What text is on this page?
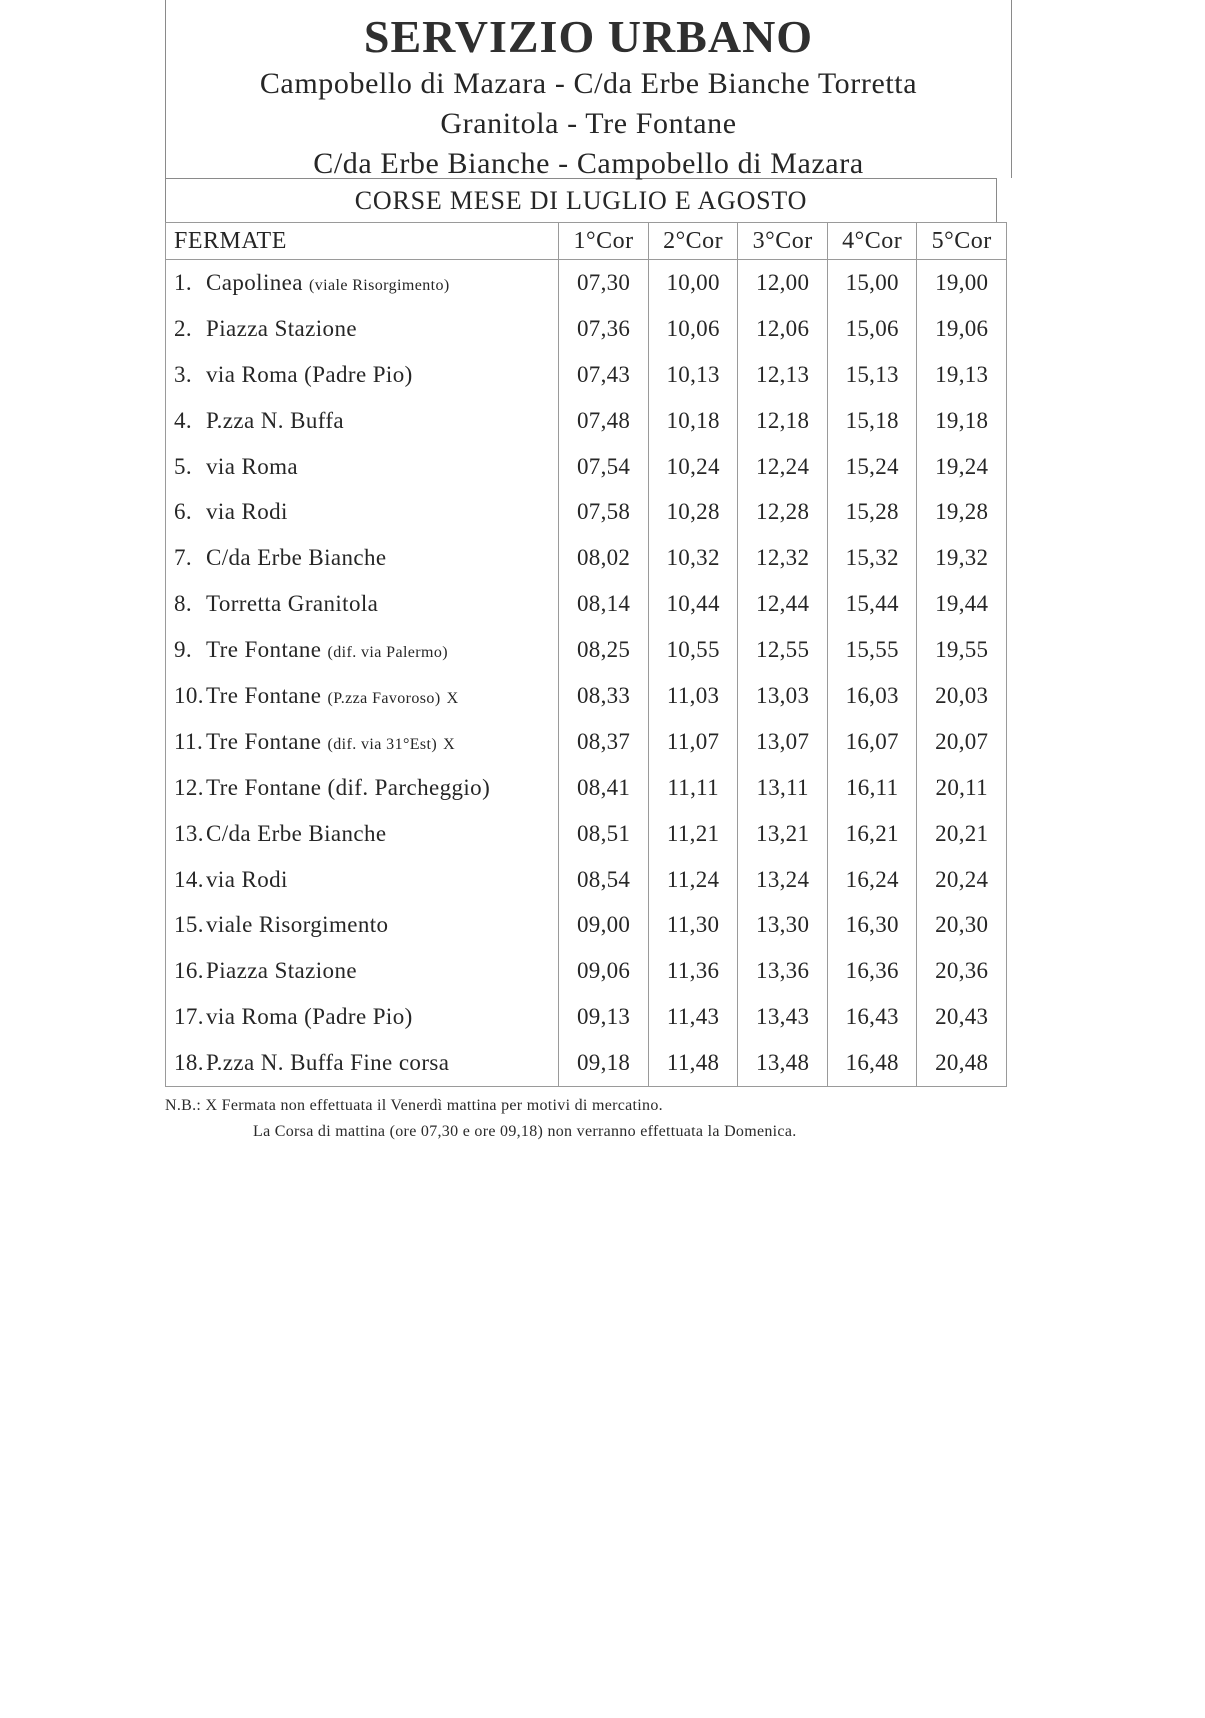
SERVIZIO URBANO

Campobello di Mazara - C/da Erbe Bianche Torretta

Granitola - Tre Fontane

C/da Erbe Bianche - Campobello di Mazara

CORSE MESE DI LUGLIO E AGOSTO
FERMATE	1°Cor	2°Cor	3°Cor	4°Cor	5°Cor
1. Capolinea (viale Risorgimento)	07,30	10,00	12,00	15,00	19,00
2. Piazza Stazione	07,36	10,06	12,06	15,06	19,06
3. via Roma (Padre Pio)	07,43	10,13	12,13	15,13	19,13
4. P.zza N. Buffa	07,48	10,18	12,18	15,18	19,18
5. via Roma	07,54	10,24	12,24	15,24	19,24
6. via Rodi	07,58	10,28	12,28	15,28	19,28
7. C/da Erbe Bianche	08,02	10,32	12,32	15,32	19,32
8. Torretta Granitola	08,14	10,44	12,44	15,44	19,44
9. Tre Fontane (dif. via Palermo)	08,25	10,55	12,55	15,55	19,55
10.Tre Fontane (P.zza Favoroso) X	08,33	11,03	13,03	16,03	20,03
11. Tre Fontane (dif. via 31°Est) X	08,37	11,07	13,07	16,07	20,07
12.Tre Fontane (dif. Parcheggio)	08,41	11,11	13,11	16,11	20,11
13.C/da Erbe Bianche	08,51	11,21	13,21	16,21	20,21
14.via Rodi	08,54	11,24	13,24	16,24	20,24
15.viale Risorgimento	09,00	11,30	13,30	16,30	20,30
16.Piazza Stazione	09,06	11,36	13,36	16,36	20,36
17.via Roma (Padre Pio)	09,13	11,43	13,43	16,43	20,43
18.P.zza N. Buffa Fine corsa	09,18	11,48	13,48	16,48	20,48
N.B.: X Fermata non effettuata il Venerdì mattina per motivi di mercatino.
La Corsa di mattina (ore 07,30 e ore 09,18) non verranno effettuata la Domenica.
